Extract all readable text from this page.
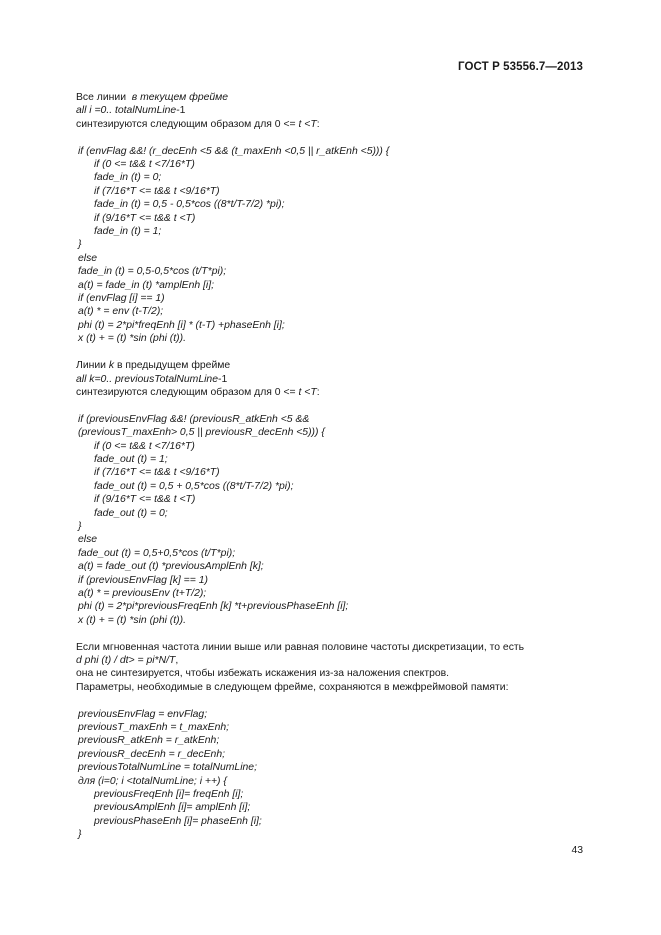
ГОСТ Р 53556.7—2013
Все линии  в текущем фрейме
all i =0.. totalNumLine-1
синтезируются следующим образом для 0 <= t <T:
if (envFlag &&! (r_decEnh <5 && (t_maxEnh <0,5 || r_atkEnh <5))) {
if (0 <= t&& t <7/16*T)
fade_in (t) = 0;
if (7/16*T <= t&& t <9/16*T)
fade_in (t) = 0,5 - 0,5*cos ((8*t/T-7/2) *pi);
if (9/16*T <= t&& t <T)
fade_in (t) = 1;
}
else
fade_in (t) = 0,5-0,5*cos (t/T*pi);
a(t) = fade_in (t) *amplEnh [i];
if (envFlag [i] == 1)
a(t) * = env (t-T/2);
phi (t) = 2*pi*freqEnh [i] * (t-T) +phaseEnh [i];
x (t) + = (t) *sin (phi (t)).
Линии k в предыдущем фрейме
all k=0.. previousTotalNumLine-1
синтезируются следующим образом для 0 <= t <T:
if (previousEnvFlag &&! (previousR_atkEnh <5 &&
(previousT_maxEnh> 0,5 || previousR_decEnh <5))) {
if (0 <= t&& t <7/16*T)
fade_out (t) = 1;
if (7/16*T <= t&& t <9/16*T)
fade_out (t) = 0,5 + 0,5*cos ((8*t/T-7/2) *pi);
if (9/16*T <= t&& t <T)
fade_out (t) = 0;
}
else
fade_out (t) = 0,5+0,5*cos (t/T*pi);
a(t) = fade_out (t) *previousAmplEnh [k];
if (previousEnvFlag [k] == 1)
a(t) * = previousEnv (t+T/2);
phi (t) = 2*pi*previousFreqEnh [k] *t+previousPhaseEnh [i];
x (t) + = (t) *sin (phi (t)).
Если мгновенная частота линии выше или равная половине частоты дискретизации, то есть
d phi (t) / dt> = pi*N/T,
она не синтезируется, чтобы избежать искажения из-за наложения спектров.
Параметры, необходимые в следующем фрейме, сохраняются в межфреймовой памяти:
previousEnvFlag = envFlag;
previousT_maxEnh = t_maxEnh;
previousR_atkEnh = r_atkEnh;
previousR_decEnh = r_decEnh;
previousTotalNumLine = totalNumLine;
для (i=0; i <totalNumLine; i ++) {
previousFreqEnh [i]= freqEnh [i];
previousAmplEnh [i]= amplEnh [i];
previousPhaseEnh [i]= phaseEnh [i];
}
43
